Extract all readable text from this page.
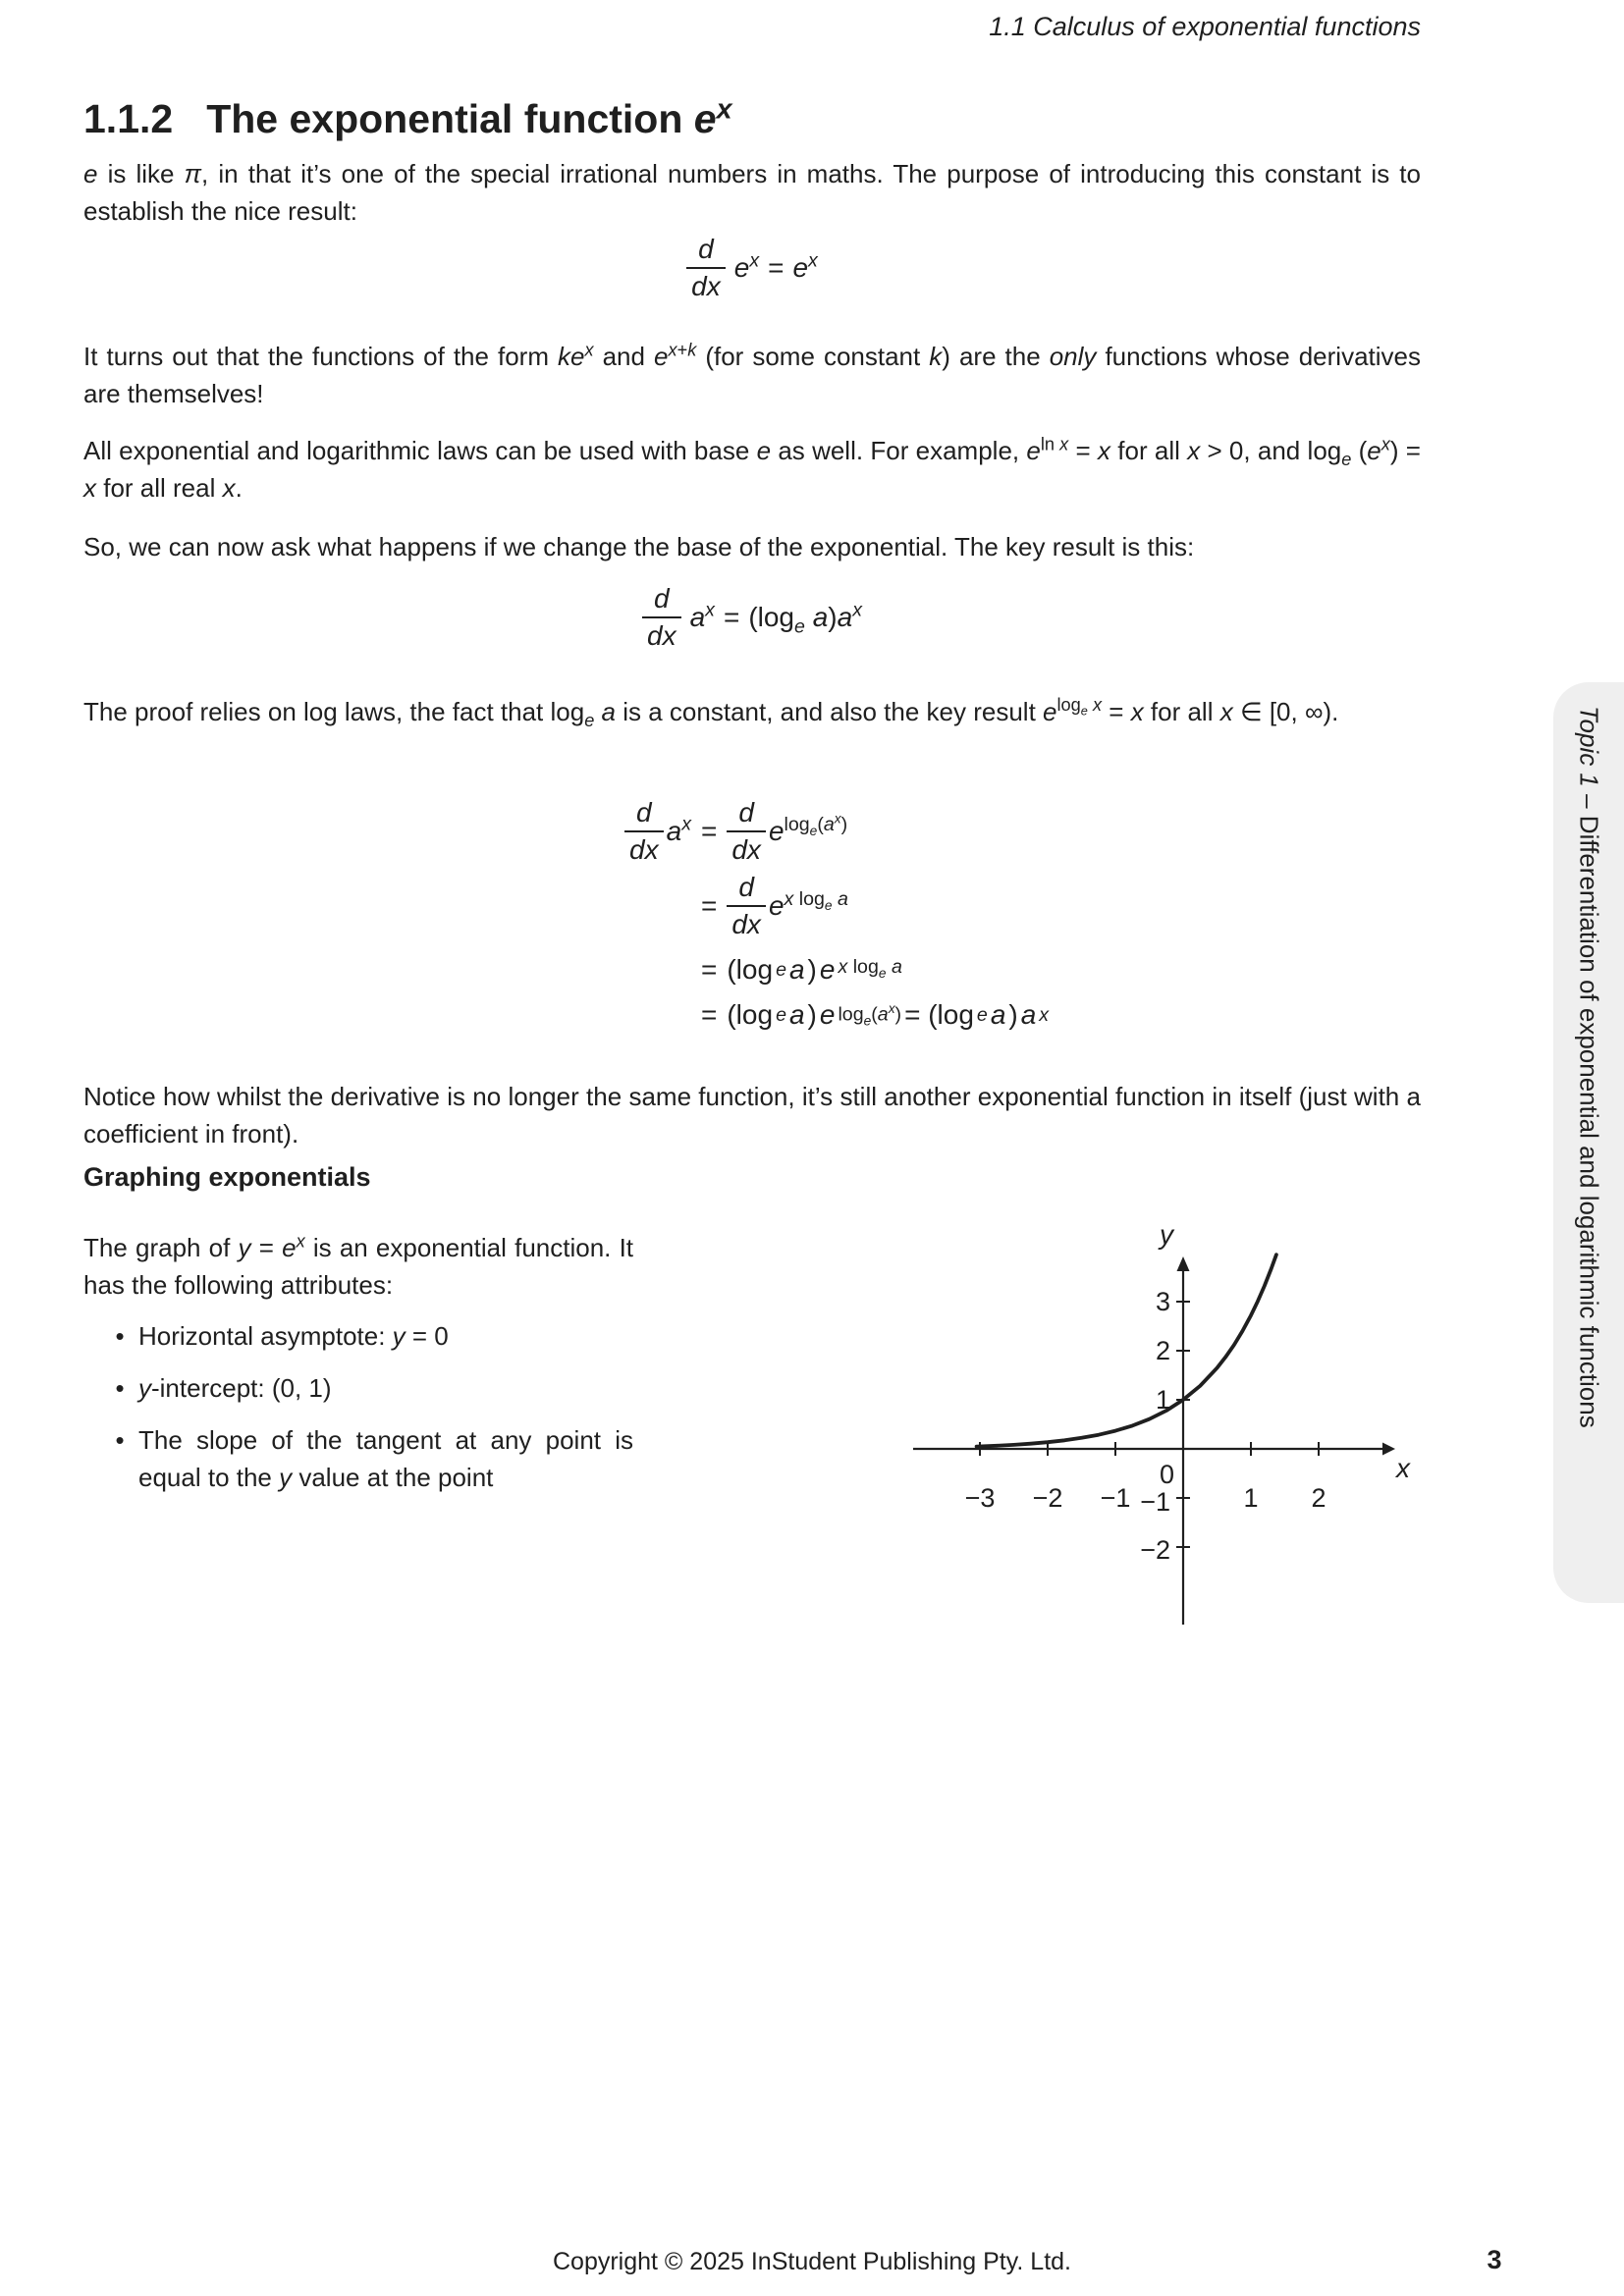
1.1 Calculus of exponential functions
1.1.2 The exponential function $e^x$

e is like π, in that it’s one of the special irrational numbers in maths. The purpose of introducing this constant is to establish the nice result:

$\frac{d}{dx} e^x = e^x$

It turns out that the functions of the form $ke^x$ and $e^{x+k}$ (for some constant k) are the only functions whose derivatives are themselves!

All exponential and logarithmic laws can be used with base e as well. For example, $e^{ln x} = x$ for all x > 0, and $\log_e (e^x) = x$ for all real x.

So, we can now ask what happens if we change the base of the exponential. The key result is this:

$\frac{d}{dx} a^x = (\log_e$ $a)a^x$

The proof relies on log laws, the fact that $\log_e a$ is a constant, and also the key result $e^{log_e x} = x$ for all x ∈ [0, ∞).

$\frac{d}{dx} a^x = \frac{d}{dx} e^{log_e(a^x)}$
= $\frac{d}{dx} e^{x log_e a}$
= (log e a ) e x $\log_e a$
= (log e a ) e $\log_e(a^x) = (\log$ e a ) a x

Notice how whilst the derivative is no longer the same function, it’s still another exponential function in itself (just with a coefficient in front).

Graphing exponentials

The graph of $y = e^x$ is an exponential function. It has the following attributes:

• Horizontal asymptote: y = 0
• y-intercept: (0, 1)
• The slope of the tangent at any point is equal to the y value at the point
−3 −2 −1
0
1 2
3
2
1
−1
−2
y
x
Topic 1 – Differentiation of exponential and logarithmic functions
Copyright © 2025 InStudent Publishing Pty. Ltd.	3
